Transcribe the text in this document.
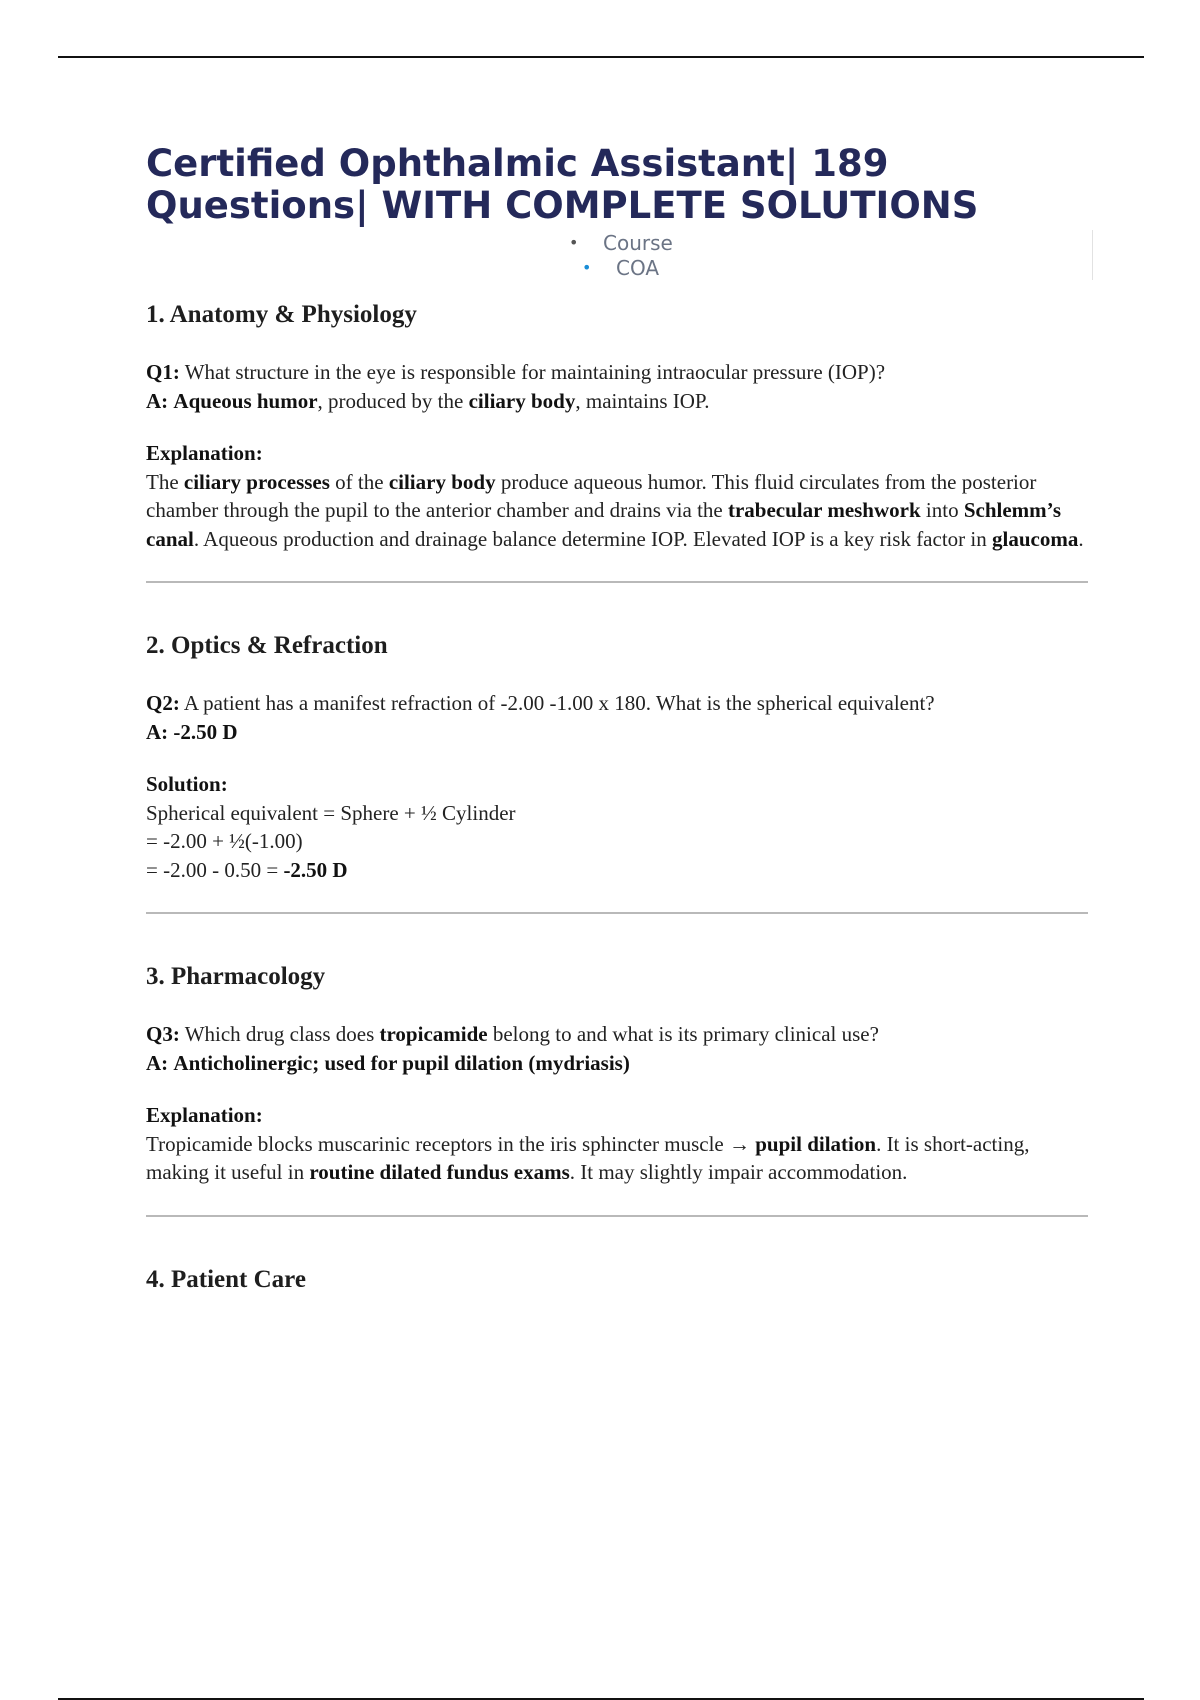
Certified Ophthalmic Assistant| 189 Questions| WITH COMPLETE SOLUTIONS
• Course
• COA
1. Anatomy & Physiology

Q1: What structure in the eye is responsible for maintaining intraocular pressure (IOP)?

A: Aqueous humor, produced by the ciliary body, maintains IOP.

Explanation:

The ciliary processes of the ciliary body produce aqueous humor. This fluid circulates from the posterior chamber through the pupil to the anterior chamber and drains via the trabecular meshwork into Schlemm’s canal. Aqueous production and drainage balance determine IOP. Elevated IOP is a key risk factor in glaucoma.

2. Optics & Refraction

Q2: A patient has a manifest refraction of -2.00 -1.00 x 180. What is the spherical equivalent?

A: -2.50 D

Solution:

Spherical equivalent = Sphere + ½ Cylinder

= -2.00 + ½(-1.00)

= -2.00 - 0.50 = -2.50 D

3. Pharmacology

Q3: Which drug class does tropicamide belong to and what is its primary clinical use?

A: Anticholinergic; used for pupil dilation (mydriasis)

Explanation:

Tropicamide blocks muscarinic receptors in the iris sphincter muscle → pupil dilation. It is short-acting, making it useful in routine dilated fundus exams. It may slightly impair accommodation.

4. Patient Care
